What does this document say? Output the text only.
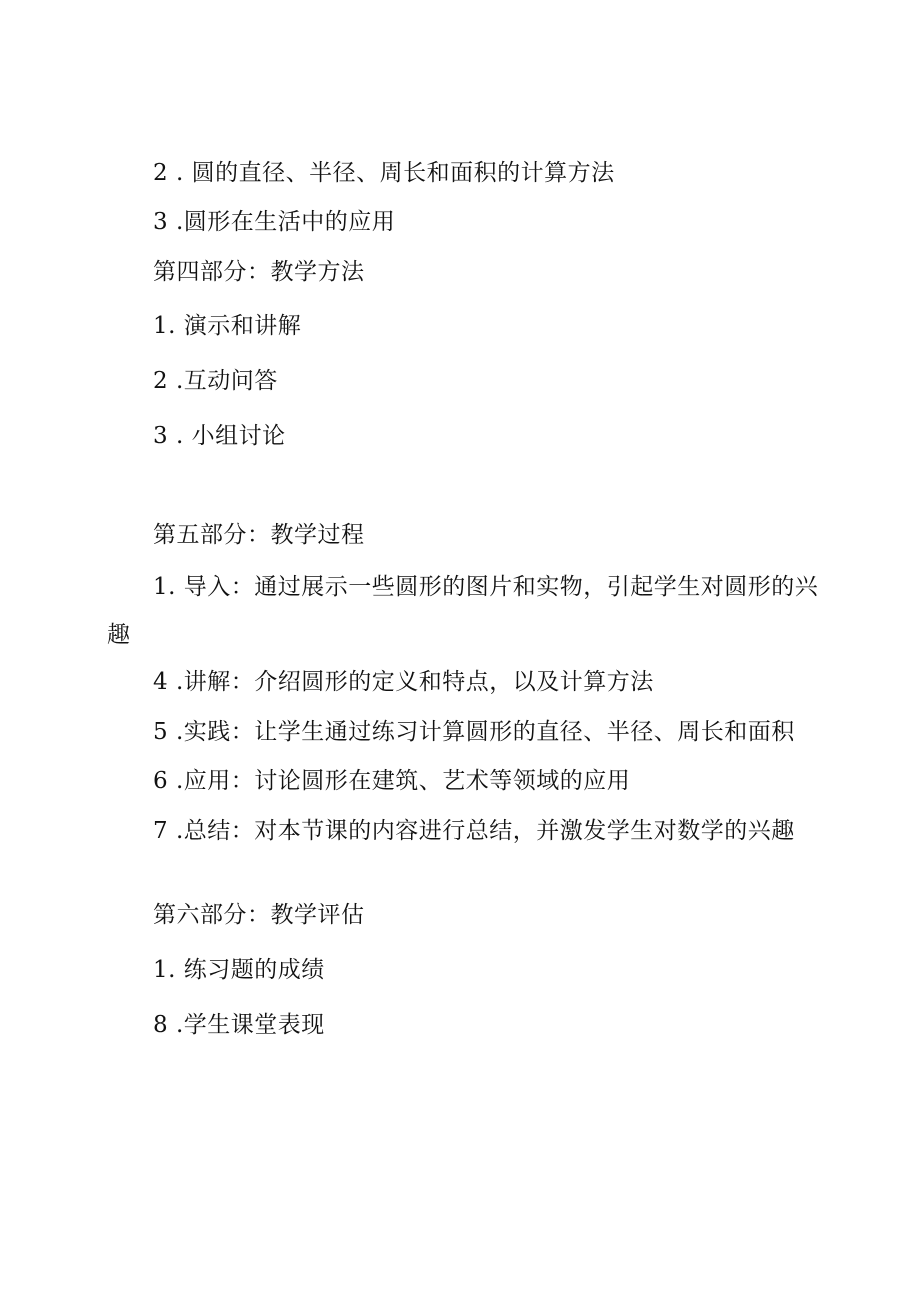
2 . 圆的直径、半径、周长和面积的计算方法
3 .圆形在生活中的应用
第四部分：教学方法
1. 演示和讲解
2 .互动问答
3 . 小组讨论
第五部分：教学过程
1. 导入：通过展示一些圆形的图片和实物，引起学生对圆形的兴
趣
4 .讲解：介绍圆形的定义和特点，以及计算方法
5 .实践：让学生通过练习计算圆形的直径、半径、周长和面积
6 .应用：讨论圆形在建筑、艺术等领域的应用
7 .总结：对本节课的内容进行总结，并激发学生对数学的兴趣
第六部分：教学评估
1. 练习题的成绩
8 .学生课堂表现
